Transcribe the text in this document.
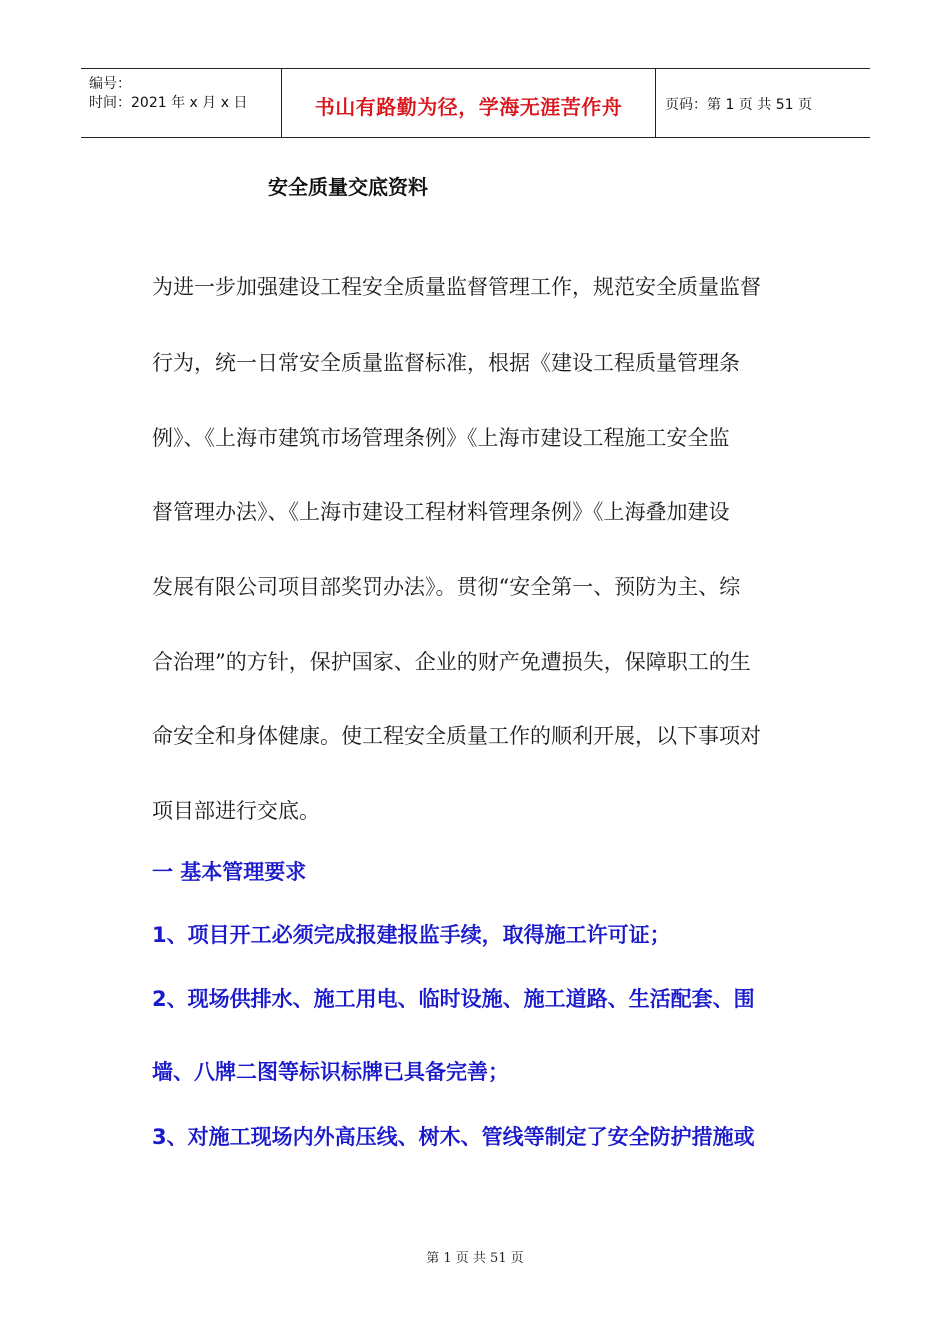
编号：
时间：2021 年 x 月 x 日	书山有路勤为径，学海无涯苦作舟	页码：第 1 页 共 51 页
安全质量交底资料
为进一步加强建设工程安全质量监督管理工作，规范安全质量监督
行为，统一日常安全质量监督标准，根据《建设工程质量管理条
例》、《上海市建筑市场管理条例》《上海市建设工程施工安全监
督管理办法》、《上海市建设工程材料管理条例》《上海叠加建设
发展有限公司项目部奖罚办法》。贯彻“安全第一、预防为主、综
合治理”的方针，保护国家、企业的财产免遭损失，保障职工的生
命安全和身体健康。使工程安全质量工作的顺利开展，以下事项对
项目部进行交底。
一 基本管理要求
1、项目开工必须完成报建报监手续，取得施工许可证；
2、现场供排水、施工用电、临时设施、施工道路、生活配套、围
墙、八牌二图等标识标牌已具备完善；
3、对施工现场内外高压线、树木、管线等制定了安全防护措施或
第 1 页 共 51 页
